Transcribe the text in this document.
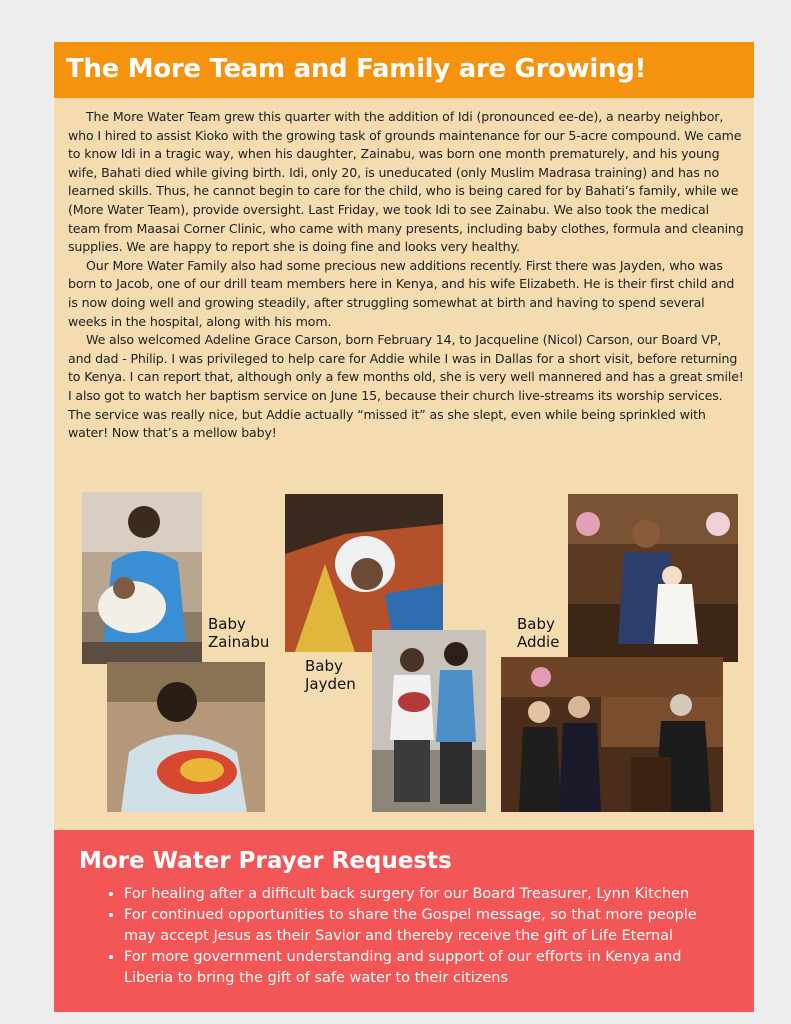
The More Team and Family are Growing!

The More Water Team grew this quarter with the addition of Idi (pronounced ee-de), a nearby neighbor, who I hired to assist Kioko with the growing task of grounds maintenance for our 5-acre compound. We came to know Idi in a tragic way, when his daughter, Zainabu, was born one month prematurely, and his young wife, Bahati died while giving birth. Idi, only 20, is uneducated (only Muslim Madrasa training) and has no learned skills. Thus, he cannot begin to care for the child, who is being cared for by Bahati’s family, while we (More Water Team), provide oversight. Last Friday, we took Idi to see Zainabu. We also took the medical team from Maasai Corner Clinic, who came with many presents, including baby clothes, formula and cleaning supplies. We are happy to report she is doing fine and looks very healthy.

Our More Water Family also had some precious new additions recently. First there was Jayden, who was born to Jacob, one of our drill team members here in Kenya, and his wife Elizabeth. He is their first child and is now doing well and growing steadily, after struggling somewhat at birth and having to spend several weeks in the hospital, along with his mom.

We also welcomed Adeline Grace Carson, born February 14, to Jacqueline (Nicol) Carson, our Board VP, and dad - Philip. I was privileged to help care for Addie while I was in Dallas for a short visit, before returning to Kenya. I can report that, although only a few months old, she is very well mannered and has a great smile! I also got to watch her baptism service on June 15, because their church live-streams its worship services. The service was really nice, but Addie actually “missed it” as she slept, even while being sprinkled with water! Now that’s a mellow baby!

Baby
Zainabu
Baby
Jayden
Baby
Addie
More Water Prayer Requests
• For healing after a difficult back surgery for our Board Treasurer, Lynn Kitchen
• For continued opportunities to share the Gospel message, so that more people may accept Jesus as their Savior and thereby receive the gift of Life Eternal
• For more government understanding and support of our efforts in Kenya and Liberia to bring the gift of safe water to their citizens
